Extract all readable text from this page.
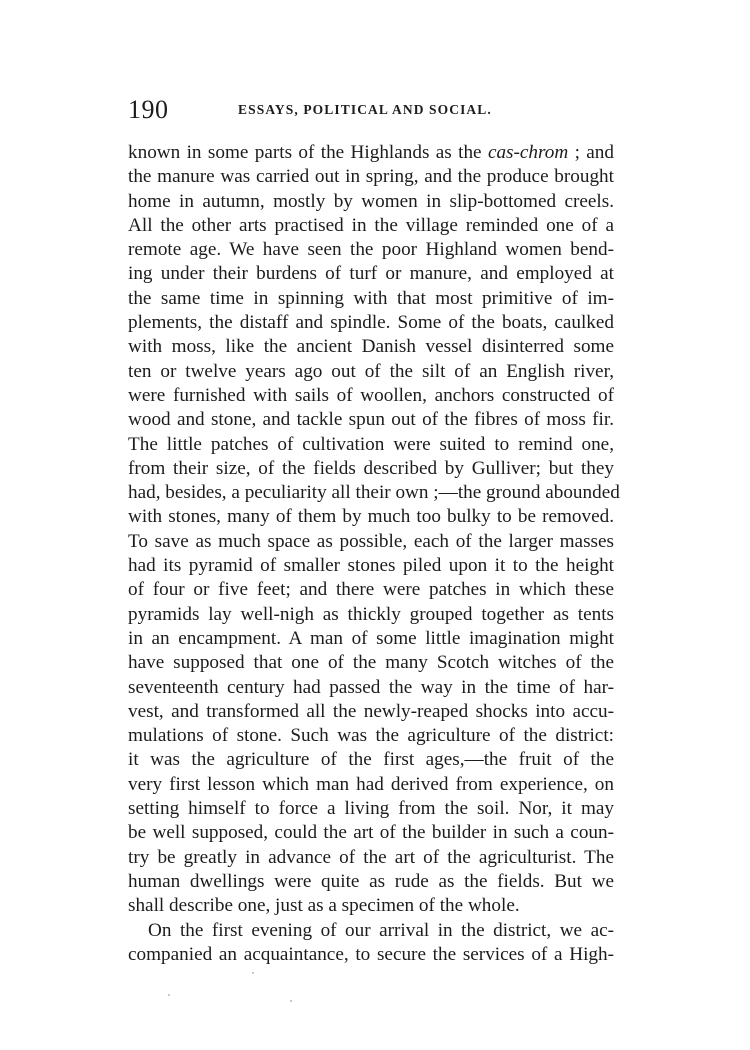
190	ESSAYS, POLITICAL AND SOCIAL.
known in some parts of the Highlands as the cas-chrom ; and
the manure was carried out in spring, and the produce brought
home in autumn, mostly by women in slip-bottomed creels.
All the other arts practised in the village reminded one of a
remote age. We have seen the poor Highland women bend-
ing under their burdens of turf or manure, and employed at
the same time in spinning with that most primitive of im-
plements, the distaff and spindle. Some of the boats, caulked
with moss, like the ancient Danish vessel disinterred some
ten or twelve years ago out of the silt of an English river,
were furnished with sails of woollen, anchors constructed of
wood and stone, and tackle spun out of the fibres of moss fir.
The little patches of cultivation were suited to remind one,
from their size, of the fields described by Gulliver; but they
had, besides, a peculiarity all their own ;—the ground abounded
with stones, many of them by much too bulky to be removed.
To save as much space as possible, each of the larger masses
had its pyramid of smaller stones piled upon it to the height
of four or five feet; and there were patches in which these
pyramids lay well-nigh as thickly grouped together as tents
in an encampment. A man of some little imagination might
have supposed that one of the many Scotch witches of the
seventeenth century had passed the way in the time of har-
vest, and transformed all the newly-reaped shocks into accu-
mulations of stone. Such was the agriculture of the district:
it was the agriculture of the first ages,—the fruit of the
very first lesson which man had derived from experience, on
setting himself to force a living from the soil. Nor, it may
be well supposed, could the art of the builder in such a coun-
try be greatly in advance of the art of the agriculturist. The
human dwellings were quite as rude as the fields. But we
shall describe one, just as a specimen of the whole.
On the first evening of our arrival in the district, we ac-
companied an acquaintance, to secure the services of a High-
